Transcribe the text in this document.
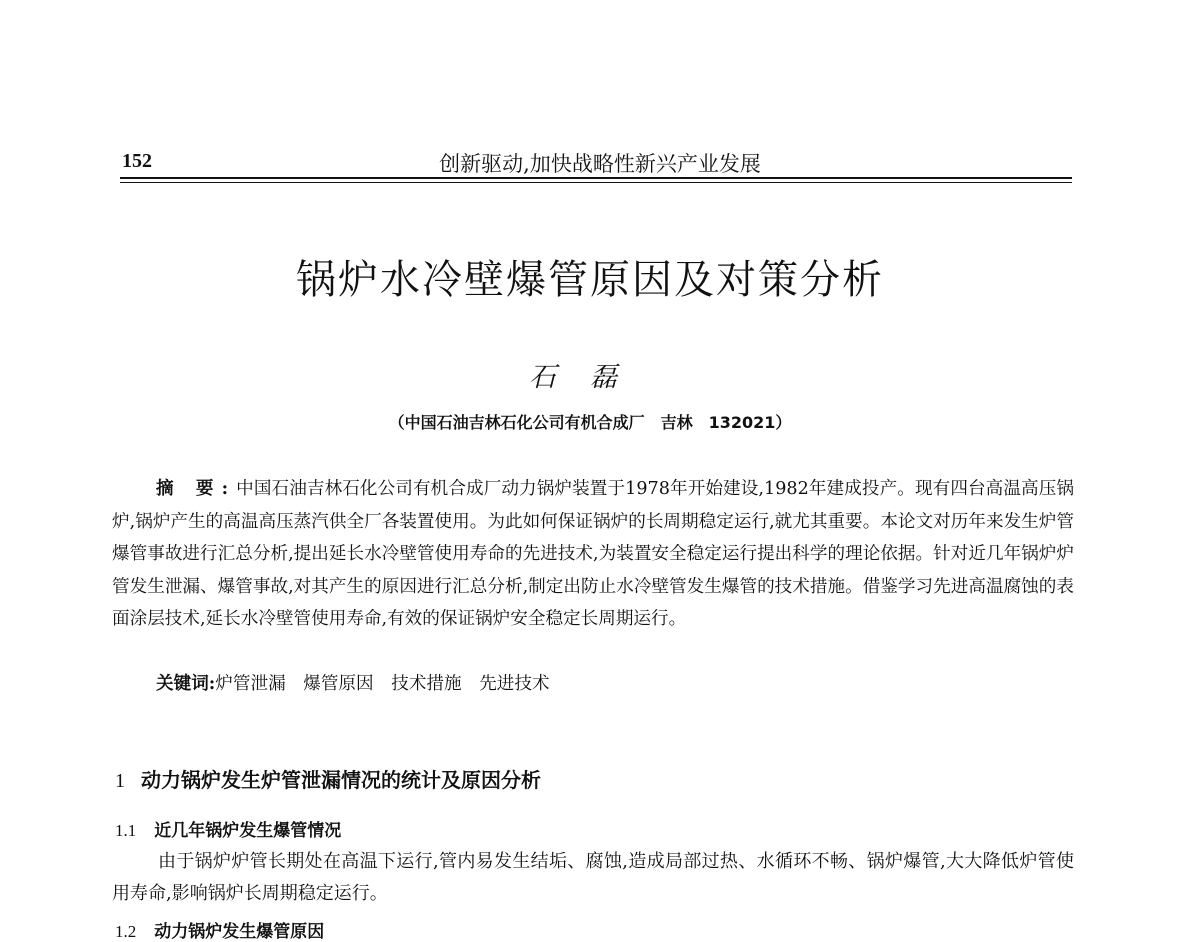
152	创新驱动,加快战略性新兴产业发展
锅炉水冷壁爆管原因及对策分析
石磊
（中国石油吉林石化公司有机合成厂　吉林　132021）

摘 要:中国石油吉林石化公司有机合成厂动力锅炉装置于1978年开始建设,1982年建成投产。现有四台高温高压锅炉,锅炉产生的高温高压蒸汽供全厂各装置使用。为此如何保证锅炉的长周期稳定运行,就尤其重要。本论文对历年来发生炉管爆管事故进行汇总分析,提出延长水冷壁管使用寿命的先进技术,为装置安全稳定运行提出科学的理论依据。针对近几年锅炉炉管发生泄漏、爆管事故,对其产生的原因进行汇总分析,制定出防止水冷壁管发生爆管的技术措施。借鉴学习先进高温腐蚀的表面涂层技术,延长水冷壁管使用寿命,有效的保证锅炉安全稳定长周期运行。

关键词:炉管泄漏　爆管原因　技术措施　先进技术
1 动力锅炉发生炉管泄漏情况的统计及原因分析
1.1 近几年锅炉发生爆管情况

由于锅炉炉管长期处在高温下运行,管内易发生结垢、腐蚀,造成局部过热、水循环不畅、锅炉爆管,大大降低炉管使用寿命,影响锅炉长周期稳定运行。

1.2 动力锅炉发生爆管原因
